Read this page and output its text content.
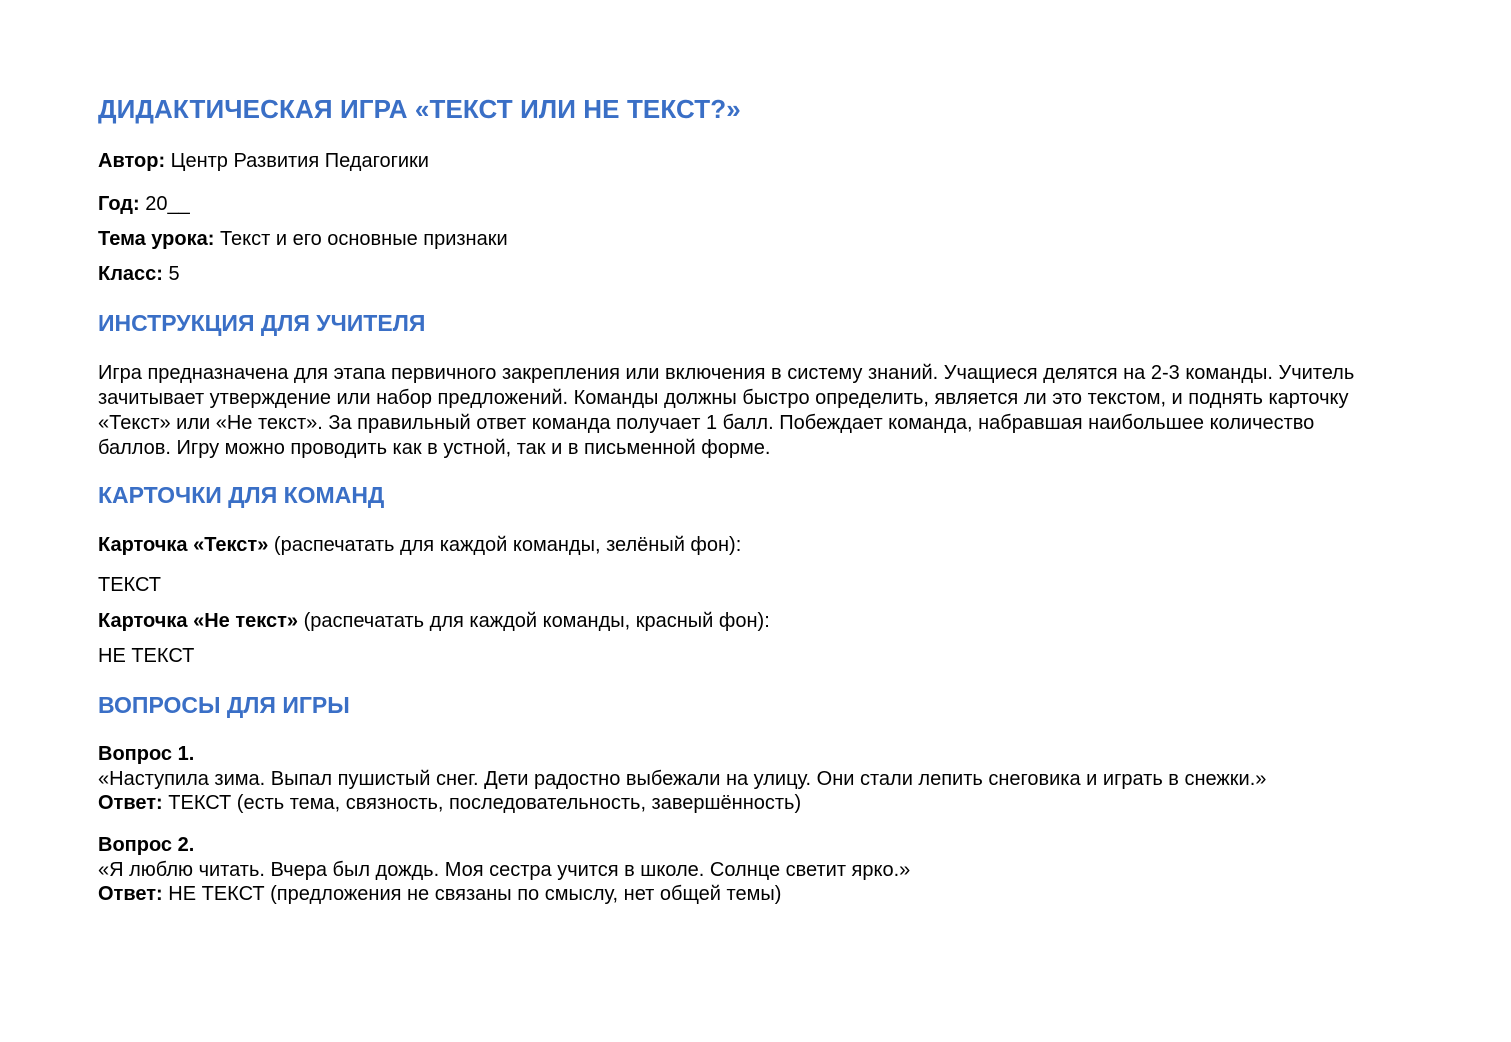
ДИДАКТИЧЕСКАЯ ИГРА «ТЕКСТ ИЛИ НЕ ТЕКСТ?»
Автор: Центр Развития Педагогики
Год: 20__
Тема урока: Текст и его основные признаки
Класс: 5
ИНСТРУКЦИЯ ДЛЯ УЧИТЕЛЯ
Игра предназначена для этапа первичного закрепления или включения в систему знаний. Учащиеся делятся на 2-3 команды. Учитель зачитывает утверждение или набор предложений. Команды должны быстро определить, является ли это текстом, и поднять карточку «Текст» или «Не текст». За правильный ответ команда получает 1 балл. Побеждает команда, набравшая наибольшее количество баллов. Игру можно проводить как в устной, так и в письменной форме.
КАРТОЧКИ ДЛЯ КОМАНД
Карточка «Текст» (распечатать для каждой команды, зелёный фон):
ТЕКСТ
Карточка «Не текст» (распечатать для каждой команды, красный фон):
НЕ ТЕКСТ
ВОПРОСЫ ДЛЯ ИГРЫ
Вопрос 1.
«Наступила зима. Выпал пушистый снег. Дети радостно выбежали на улицу. Они стали лепить снеговика и играть в снежки.»
Ответ: ТЕКСТ (есть тема, связность, последовательность, завершённость)
Вопрос 2.
«Я люблю читать. Вчера был дождь. Моя сестра учится в школе. Солнце светит ярко.»
Ответ: НЕ ТЕКСТ (предложения не связаны по смыслу, нет общей темы)
